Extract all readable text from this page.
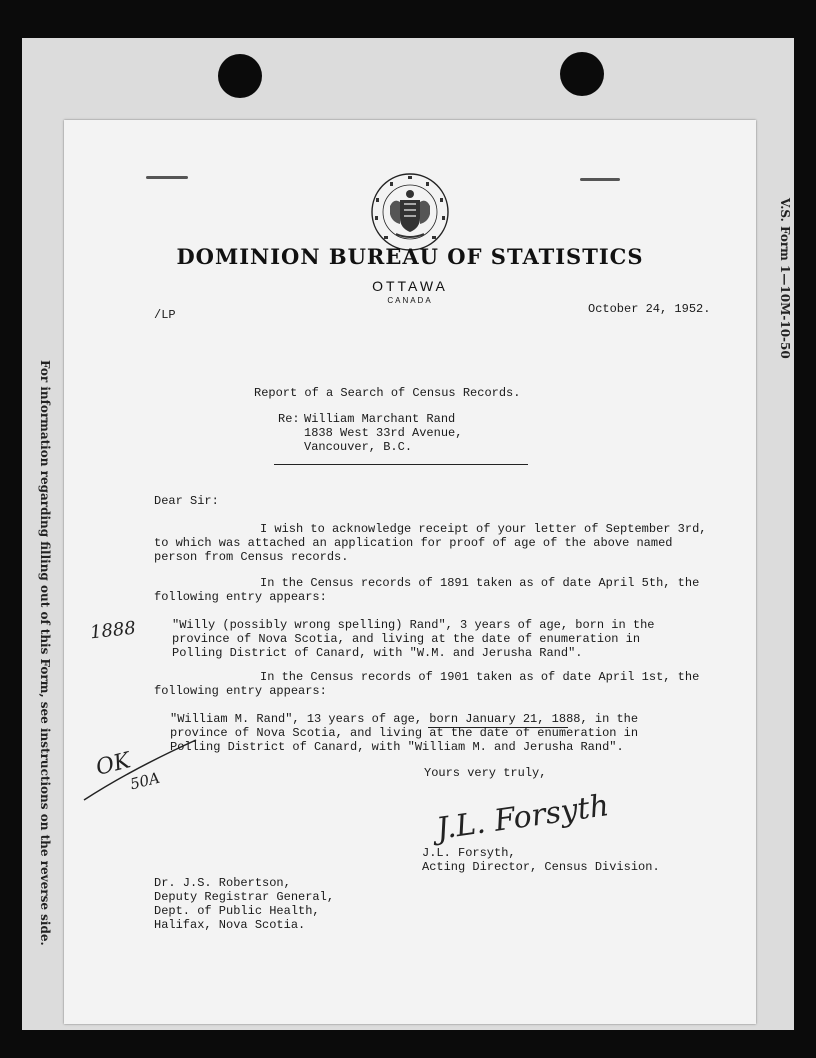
V.S. Form 1—10M-10-50
For information regarding filling out of this Form, see instructions on the reverse side.
DOMINION BUREAU OF STATISTICS
OTTAWA
CANADA
/LP	October 24, 1952.
Report of a Search of Census Records.
Re: William Marchant Rand
1838 West 33rd Avenue,
Vancouver, B.C.
Dear Sir:
I wish to acknowledge receipt of your letter of September 3rd,
to which was attached an application for proof of age of the above named
person from Census records.
In the Census records of 1891 taken as of date April 5th, the
following entry appears:
"Willy (possibly wrong spelling) Rand", 3 years of age, born in the
province of Nova Scotia, and living at the date of enumeration in
Polling District of Canard, with "W.M. and Jerusha Rand".
In the Census records of 1901 taken as of date April 1st, the
following entry appears:
"William M. Rand", 13 years of age, born January 21, 1888, in the
province of Nova Scotia, and living at the date of enumeration in
Polling District of Canard, with "William M. and Jerusha Rand".
Yours very truly,
J.L. Forsyth
J.L. Forsyth,
Acting Director, Census Division.
Dr. J.S. Robertson,
Deputy Registrar General,
Dept. of Public Health,
Halifax, Nova Scotia.
1888
OK
50A
